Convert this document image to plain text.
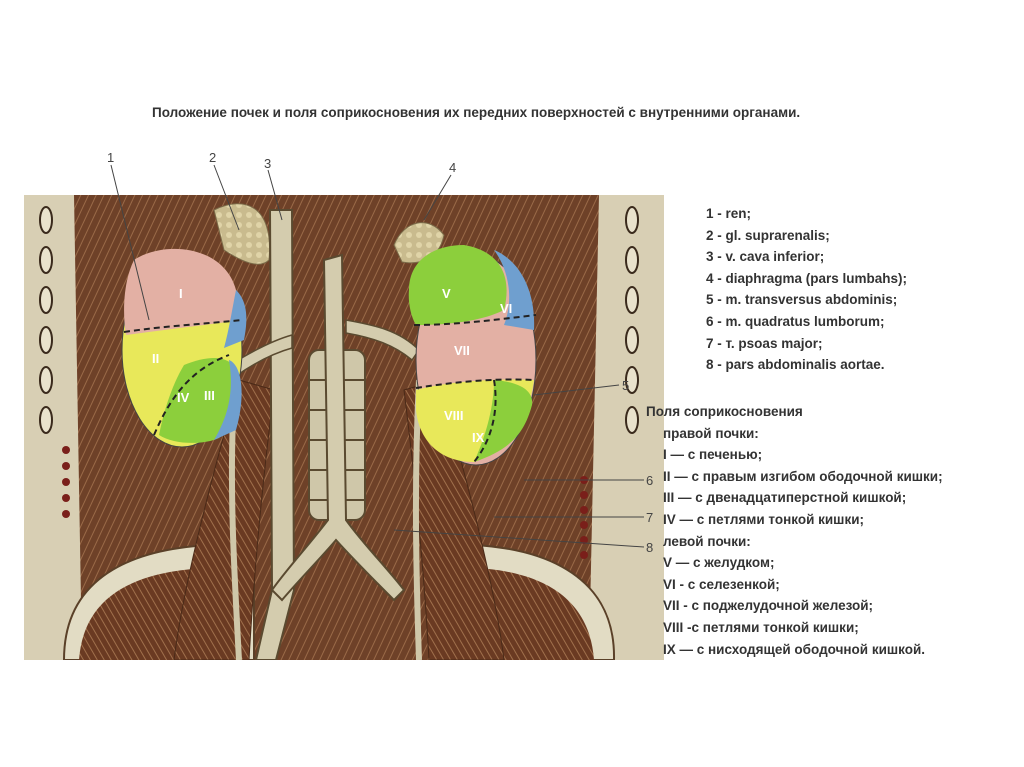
Положение почек и поля соприкосновения их передних поверхностей с внутренними органами.
I
II
III
IV
V
VI
VII
VIII
IX
1	2	3	4
5
6
7
8
1 - ren;
2 - gl. suprarenalis;
3 - v. cava inferior;
4 - diaphragma (pars lumbahs);
5 - m. transversus abdominis;
6 - m. quadratus lumborum;
7 - т. psoas major;
8 - pars abdominalis aortae.
Поля соприкосновения
правой почки:
I — с печенью;
II — с правым изгибом ободочной кишки;
III — с двенадцатиперстной кишкой;
IV — с петлями тонкой кишки;
левой почки:
V — с желудком;
VI - с селезенкой;
VII - с поджелудочной железой;
VIII -с петлями тонкой кишки;
IX — с нисходящей ободочной кишкой.
